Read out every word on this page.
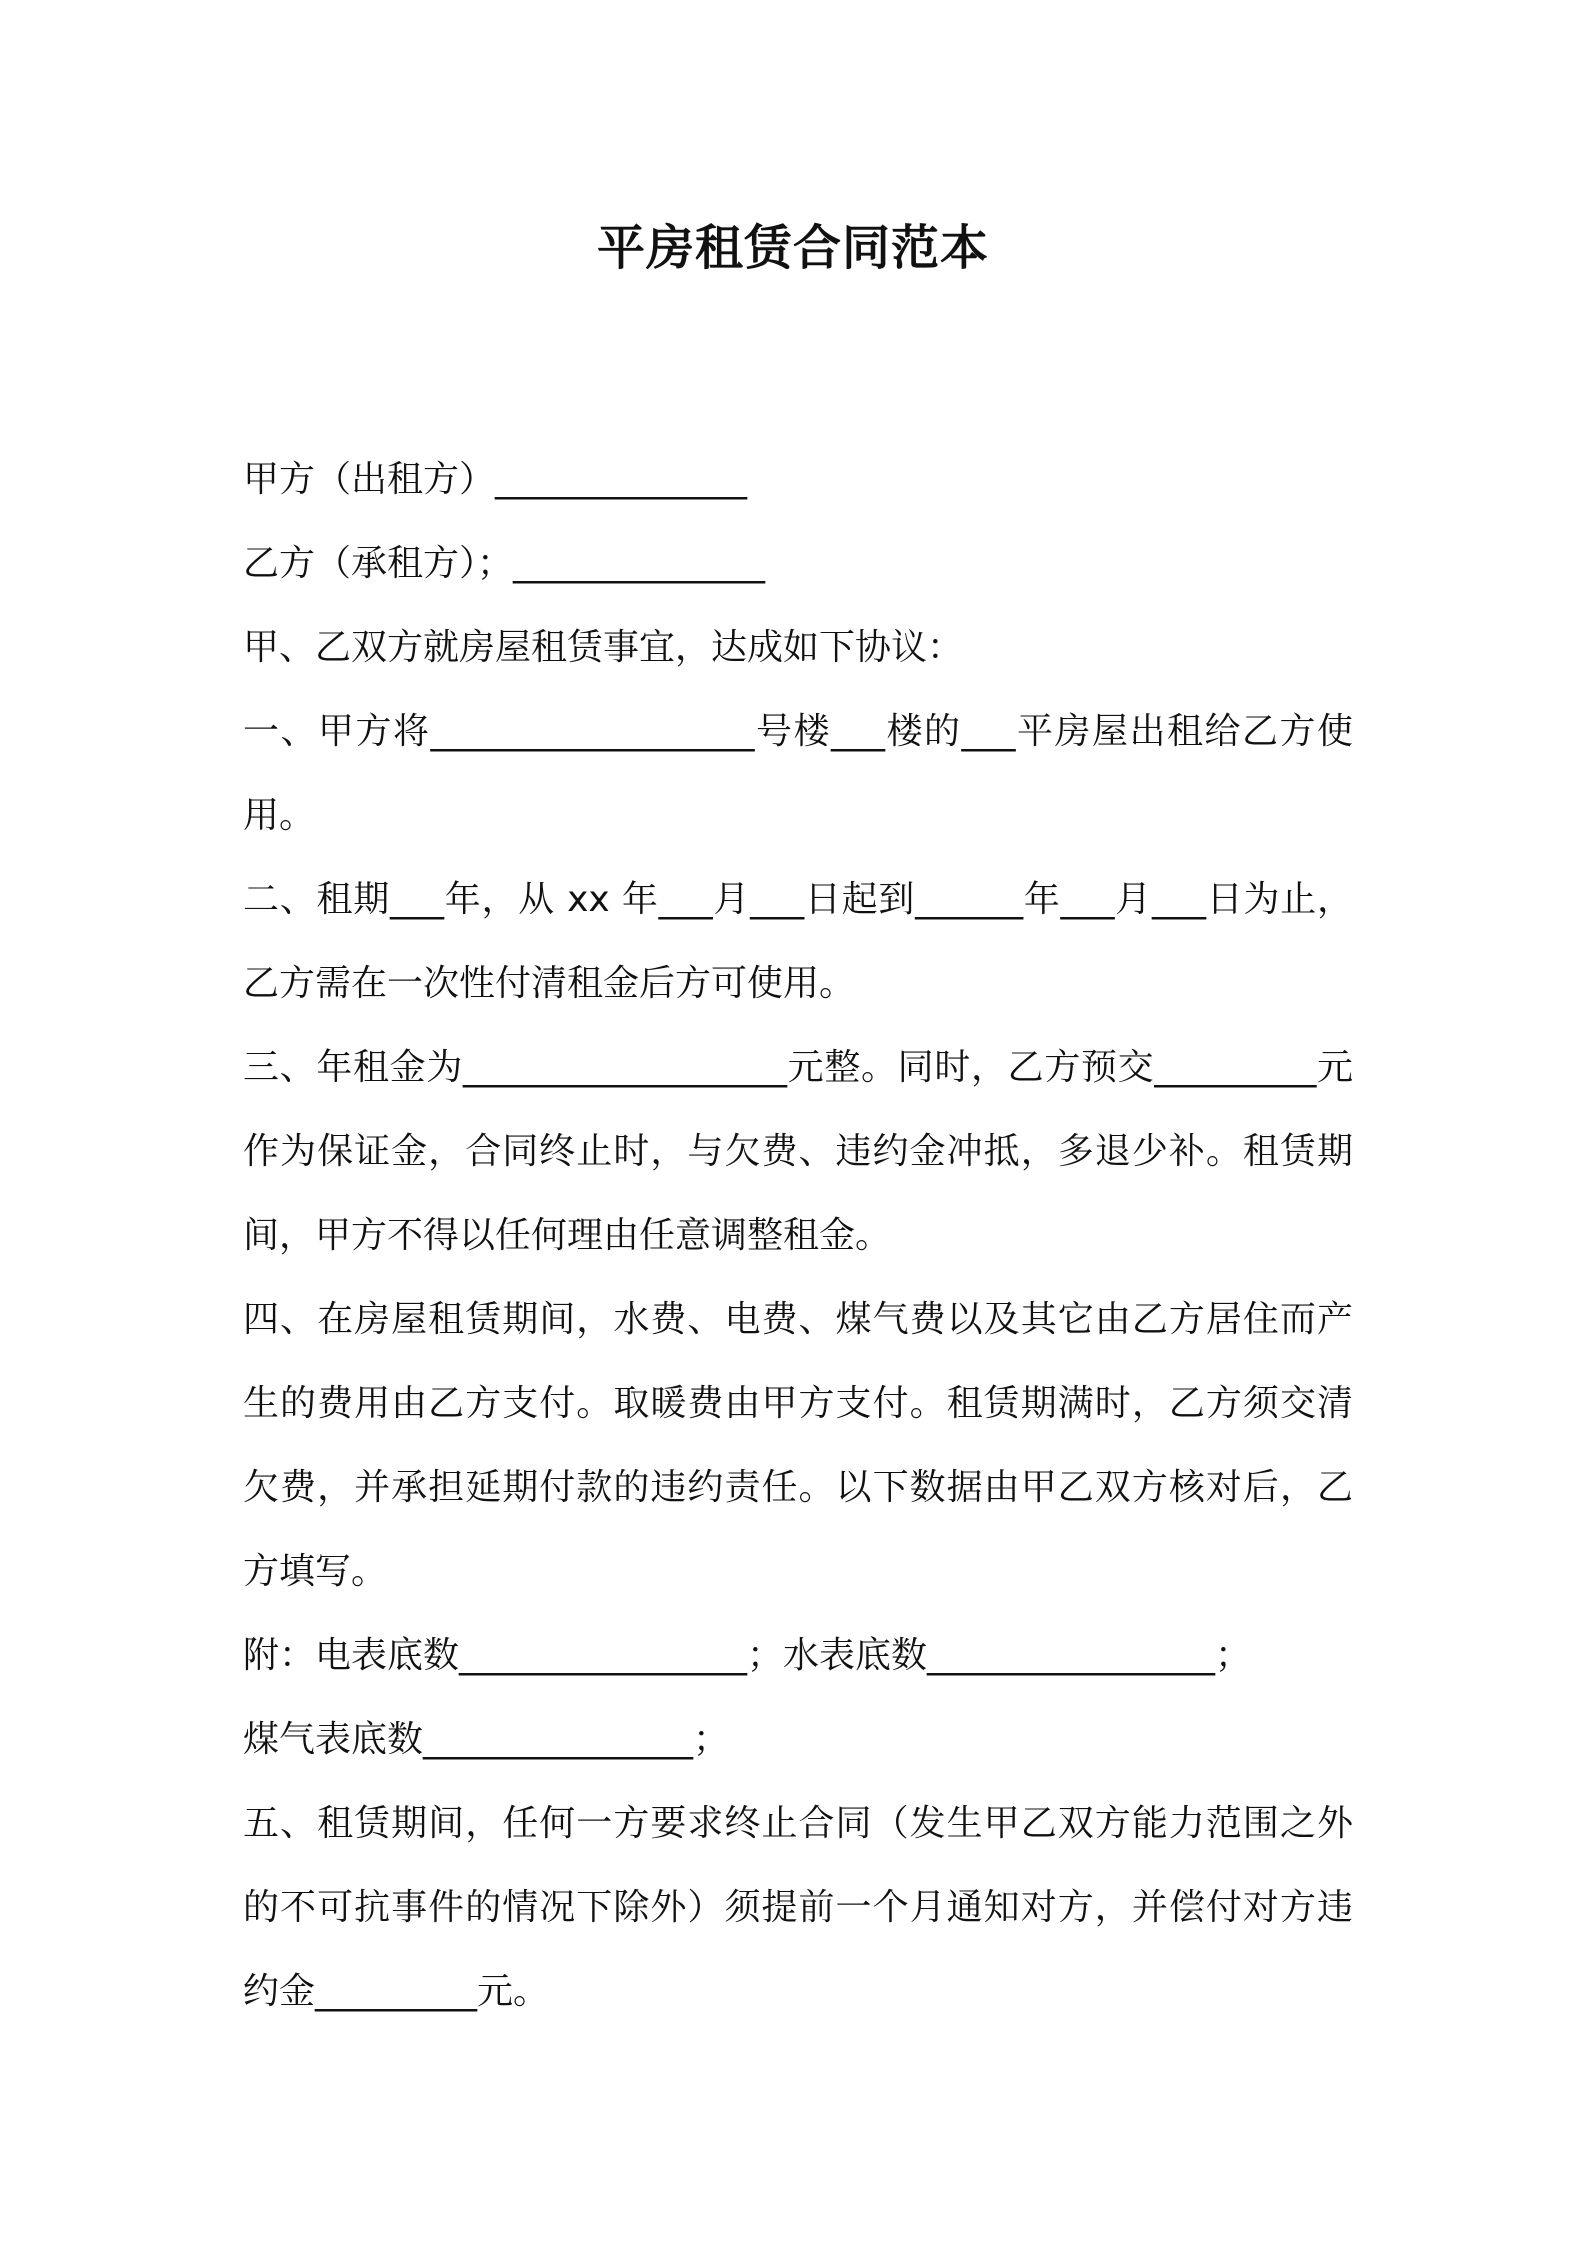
平房租赁合同范本

甲方（出租方）______________

乙方（承租方）；______________

甲、乙双方就房屋租赁事宜，达成如下协议：

一、甲方将__________________号楼___楼的___平房屋出租给乙方使用。

二、租期___年，从 xx 年___月___日起到______年___月___日为止，乙方需在一次性付清租金后方可使用。

三、年租金为__________________元整。同时，乙方预交_________元作为保证金，合同终止时，与欠费、违约金冲抵，多退少补。租赁期间，甲方不得以任何理由任意调整租金。

四、在房屋租赁期间，水费、电费、煤气费以及其它由乙方居住而产生的费用由乙方支付。取暖费由甲方支付。租赁期满时，乙方须交清欠费，并承担延期付款的违约责任。以下数据由甲乙双方核对后，乙方填写。

附：电表底数________________；水表底数________________；

煤气表底数_______________；

五、租赁期间，任何一方要求终止合同（发生甲乙双方能力范围之外的不可抗事件的情况下除外）须提前一个月通知对方，并偿付对方违约金_________元。
